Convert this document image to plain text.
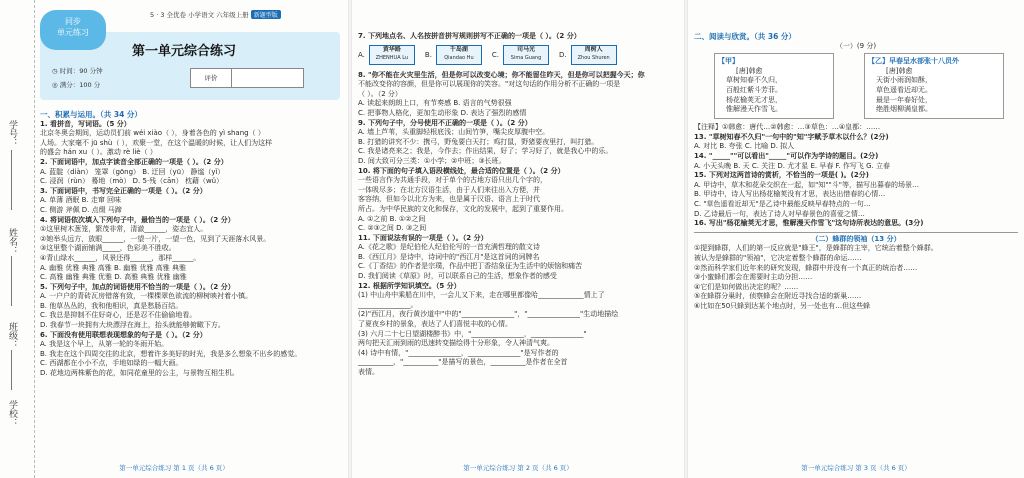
学号：
姓名：
班级：
学校：
第一单元综合练习
◷ 时间：90 分钟
◎ 满分：100 分
评价
同步
单元练习
5 · 3 全优卷 小学语文 六年级上册 新题型版
一、积累与运用。（共 34 分）
1. 看拼音，写词语。（5 分）
北京冬奥会期间，运动员们前 wéi xiào（ ），身着各色的 yì shang（ ）
人场。大家毫不 jū shù（ ），欢聚一堂，在这个温暖的时候，让人们为这样
的盛会 hán xu（ ）。激动 rè liè（ ）
2. 下面词语中，加点字读音全部正确的一项是（ ）。（2 分）
A. 蓝靛（diàn） 笼罩（gōng） B. 迂回（yū） 静谧（yǐ）
C. 浸润（rùn） 蓦地（mò） D. 5·残（cān） 枕藉（wǔ）
3. 下面词语中，书写完全正确的一项是（ ）。（2 分）
A. 单薄 酒眠 B. 走窜 回味
C. 侧游 斧佩 D. 点缀 马蹄
4. 将词语依次填入下列句子中，最恰当的一项是（ ）。（2 分）
①这里树木葱笼，繁茂非常，清澈______，姿态宜人。
②她举头远方，放眼______，一望一片，一望一色，见到了天涯落水风景。
③这里整个湖面铺满_____，色彩美不胜收。
④青山绿水______，风景还得______，那样______。
A. 幽雅 优雅 典雅 高雅 B. 幽雅 优雅 高雅 典雅
C. 高雅 幽雅 典雅 优雅 D. 高雅 典雅 优雅 幽雅
5. 下列句子中，加点的词语使用不恰当的一项是（ ）。（2 分）
A. 一户户的青砖瓦房错落有致，一棵棵翠色欲流的柳树映衬着小镇。
B. 他草丛丛的，我和他相识，真是愁肠百结。
C. 我总是抑制不住好奇心，还是忍不住偷偷地看。
D. 我春节一块拥有大块漂浮在海上，抬头就能够俯瞰下方。
6. 下面没有使用联想表现想象的句子是（ ）。（2 分）
A. 我是这个早上，从第一轮的冬雨开始。
B. 我走在这个四周交往的北京，想着许多美好的时光，我是多么想象不出乡的感觉。
C. 西湖都在小小不点，手地如绿的一幅大画。
D. 花地边两株紫色的花，如同花童里的公主，与景物互相生机。
第一单元综合练习 第 1 页（共 6 页）
7. 下列地点名、人名按拼音拼写规则拼写不正确的一项是（ ）。（2 分）
A.
黄华路
ZHENHUA Lu	B.
千岛湖
Qiandao Hu	C.
司马光
Sima Guang	D.
周树人
Zhou Shuren
8. "你不能在火灾里生活，但是你可以改变心境；你不能留住昨天，但是你可以把握今天；你
不能改变你的容颜，但是你可以展现你的笑容。"对这句话的作用分析不正确的一项是
（ ）。（2 分）
A. 读起来朗朗上口，有节奏感 B. 语言的气势很强
C. 把事物人格化，更加生动形象 D. 表达了强烈的感情
9. 下列句子中，分号使用不正确的一项是（ ）。（2 分）
A. 墙上芦苇，头重脚轻根底浅；山间竹笋，嘴尖皮厚腹中空。
B. 打猎的讲究不少：携弓，野兔要白天打；鸡打鼠，野猪要夜里打，叫打猎。
C. 我是诸亮来之；我是，今作去；作出结果，好了；学习好了，就是我心中的乐。
D. 间大致可分三类：①小学；②中班；③长班。
10. 将下面的句子填入语段横线处，最合适的位置是（ ）。（2 分）
一些语言作为共通手段，对于单个的古地方语只出几个字的，
一体吸尽多；在北方汉语生活，由于人们来往出入方便，并
客容纳，但如今以北方为来，也是属于汉语、语言上于时代
所占。为中华民族的文化和保存，文化的发展中，起到了重要作用。
A. ①之前 B. ①②之间
C. ②③之间 D. ③之间
11. 下面说法有误的一项是（ ）。（2 分）
A.《花之歌》是纪伯伦人纪伯伦写的一首充满哲理的散文诗
B.《西江月》是诗中，诗词中的"西江月"是这首词的词牌名
C.《丁香结》的作者是宗璞，作品中把丁香结象征为生活中的烦恼和痛苦
D. 我们阅读《草原》时，可以联系自己的生活，想象作者的感受
12. 根据所学知识填空。（5 分）
(1) 中山舟中乘船在川中，一会儿又下来，走在哪里都像哈_____________情上了
_______________。
(2)"西江月，夜行黄沙道中"中的"_______________"，"_______________"生动地描绘
了夏夜乡村的景象，表达了人们喜悦丰收的心情。
(3) 六月二十七日望湖楼醉书》中，"_______________，_______________"
两句把天汇雨到雨的迅速转变描绘得十分形象，令人神清气爽。
(4) 诗中有情，"_______________，_______________"是写作者的
__________，"__________"是描写的景色，__________是作者在全首
表情。
第一单元综合练习 第 2 页（共 6 页）
二、阅读与欣赏。（共 36 分）
（一）(9 分)
【甲】
[唐]韩愈
草树知春不久归，
百般红紫斗芳菲。
杨花榆荚无才思，
惟解漫天作雪飞。
【乙】早春呈水部张十八员外
[唐]韩愈
天街小雨润如酥，
草色遥看近却无。
最是一年春好处，
绝胜烟柳满皇都。
【注释】①韩愈：唐代…②韩愈：…③草色：…④皇都：……
13. "草树知春不久归"一句中的"知"字赋予草木以什么？(2分)
A. 对比 B. 夸张 C. 比喻 D. 拟人
14. "_____""可以看出"_____"可以作为学诗的题目。(2分)
A. 小天头晚 B. 天 C. 关注 D. 尤才星 E. 早春 F. 作写飞 G. 立春
15. 下列对这两首诗的赏析，不恰当的一项是( )。(2分)
A. 甲诗中，草木和花朵交织在一起，如"知""斗"等，描写出暮春的场景…
B. 甲诗中，诗人写出杨花榆荚没有才思，表达出惜春的心情…
C. "草色遥看近却无"是乙诗中最能反映早春特点的一句…
D. 乙诗最后一句，表达了诗人对早春景色的喜爱之情…
16. 写出"杨花榆荚无才思，惟解漫天作雪飞"这句诗所表达的意思。(3分)
（二）蜂群的领袖（13 分）
①提到蜂群，人们的第一反应就是"蜂王"，是蜂群的主宰，它统治着整个蜂群。
被认为是蜂群的"领袖"，它决定着整个蜂群的命运……
②然而科学家们近年来的研究发现，蜂群中并没有一个真正的统治者……
③小蜜蜂们都会在需要时主动分担……
④它们是如何做出决定的呢？……
⑤在蜂群分巢时，侦察蜂会在附近寻找合适的新巢……
⑥比如在50只蜂到达某个地点时，另一处也有…但这些蜂
第一单元综合练习 第 3 页（共 6 页）
